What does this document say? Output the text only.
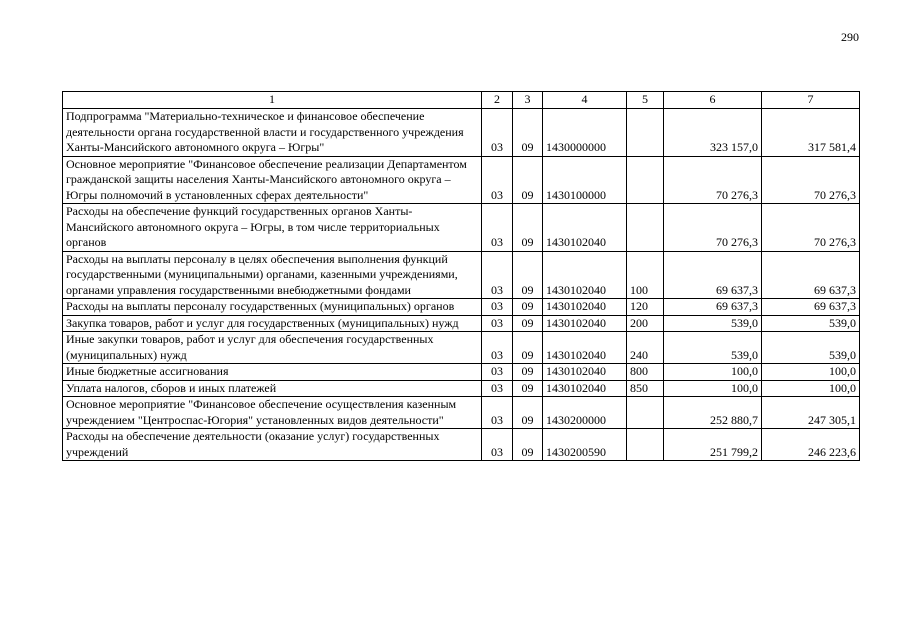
290
1	2	3	4	5	6	7
Подпрограмма "Материально-техническое и финансовое обеспечение деятельности органа государственной власти и государственного учреждения Ханты-Мансийского автономного округа – Югры"	03	09	1430000000		323 157,0	317 581,4
Основное мероприятие "Финансовое обеспечение реализации Департаментом гражданской защиты населения Ханты-Мансийского автономного округа – Югры полномочий в установленных сферах деятельности"	03	09	1430100000		70 276,3	70 276,3
Расходы на обеспечение функций государственных органов Ханты-Мансийского автономного округа – Югры, в том числе территориальных органов	03	09	1430102040		70 276,3	70 276,3
Расходы на выплаты персоналу в целях обеспечения выполнения функций государственными (муниципальными) органами, казенными учреждениями, органами управления государственными внебюджетными фондами	03	09	1430102040	100	69 637,3	69 637,3
Расходы на выплаты персоналу государственных (муниципальных) органов	03	09	1430102040	120	69 637,3	69 637,3
Закупка товаров, работ и услуг для государственных (муниципальных) нужд	03	09	1430102040	200	539,0	539,0
Иные закупки товаров, работ и услуг для обеспечения государственных (муниципальных) нужд	03	09	1430102040	240	539,0	539,0
Иные бюджетные ассигнования	03	09	1430102040	800	100,0	100,0
Уплата налогов, сборов и иных платежей	03	09	1430102040	850	100,0	100,0
Основное мероприятие "Финансовое обеспечение осуществления казенным учреждением "Центроспас-Югория" установленных видов деятельности"	03	09	1430200000		252 880,7	247 305,1
Расходы на обеспечение деятельности (оказание услуг) государственных учреждений	03	09	1430200590		251 799,2	246 223,6
